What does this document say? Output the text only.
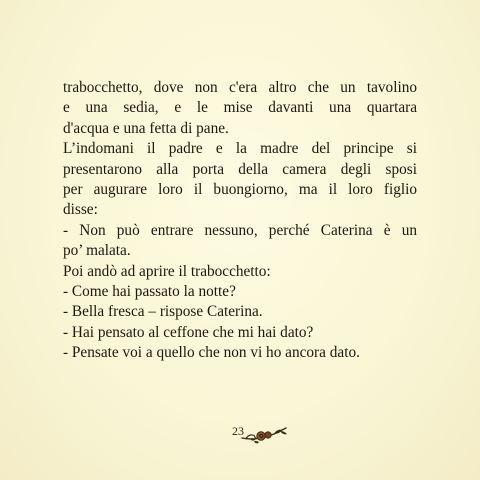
trabocchetto, dove non c'era altro che un tavolino
e una sedia, e le mise davanti una quartara
d'acqua e una fetta di pane.
L’indomani il padre e la madre del principe si
presentarono alla porta della camera degli sposi
per augurare loro il buongiorno, ma il loro figlio
disse:
- Non può entrare nessuno, perché Caterina è un
po’ malata.
Poi andò ad aprire il trabocchetto:
- Come hai passato la notte?
- Bella fresca – rispose Caterina.
- Hai pensato al ceffone che mi hai dato?
- Pensate voi a quello che non vi ho ancora dato.
23
